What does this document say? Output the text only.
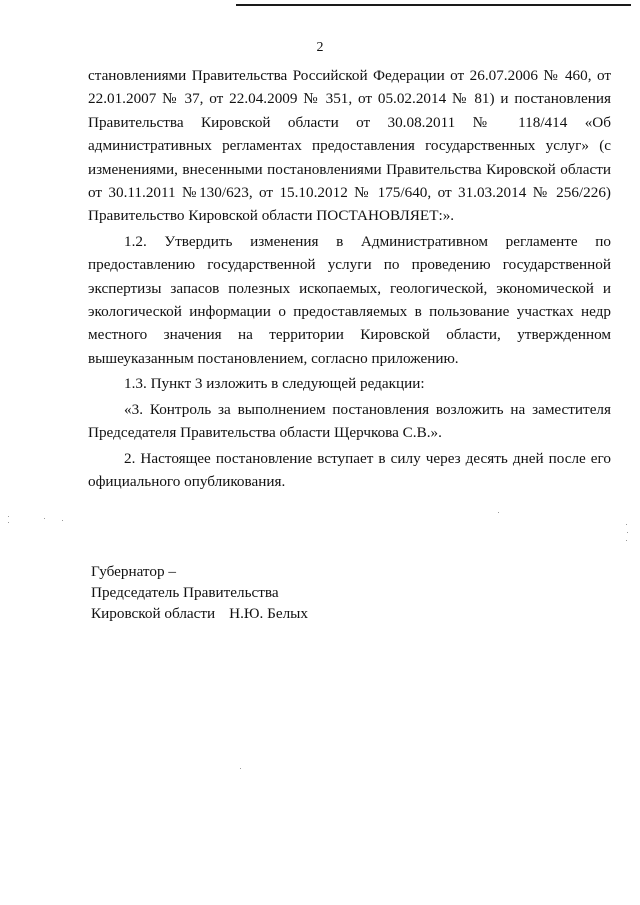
2

становлениями Правительства Российской Федерации от 26.07.2006 № 460, от 22.01.2007 № 37, от 22.04.2009 № 351, от 05.02.2014 № 81) и постановления Правительства Кировской области от 30.08.2011 № 118/414 «Об административных регламентах предоставления государственных услуг» (с изменениями, внесенными постановлениями Правительства Кировской области от 30.11.2011 №130/623, от 15.10.2012 № 175/640, от 31.03.2014 № 256/226) Правительство Кировской области ПОСТАНОВЛЯЕТ:».

1.2. Утвердить изменения в Административном регламенте по предоставлению государственной услуги по проведению государственной экспертизы запасов полезных ископаемых, геологической, экономической и экологической информации о предоставляемых в пользование участках недр местного значения на территории Кировской области, утвержденном вышеуказанным постановлением, согласно приложению.

1.3. Пункт 3 изложить в следующей редакции:

«3. Контроль за выполнением постановления возложить на заместителя Председателя Правительства области Щерчкова С.В.».

2. Настоящее постановление вступает в силу через десять дней после его официального опубликования.

Губернатор –
Председатель Правительства
Кировской области Н.Ю. Белых
